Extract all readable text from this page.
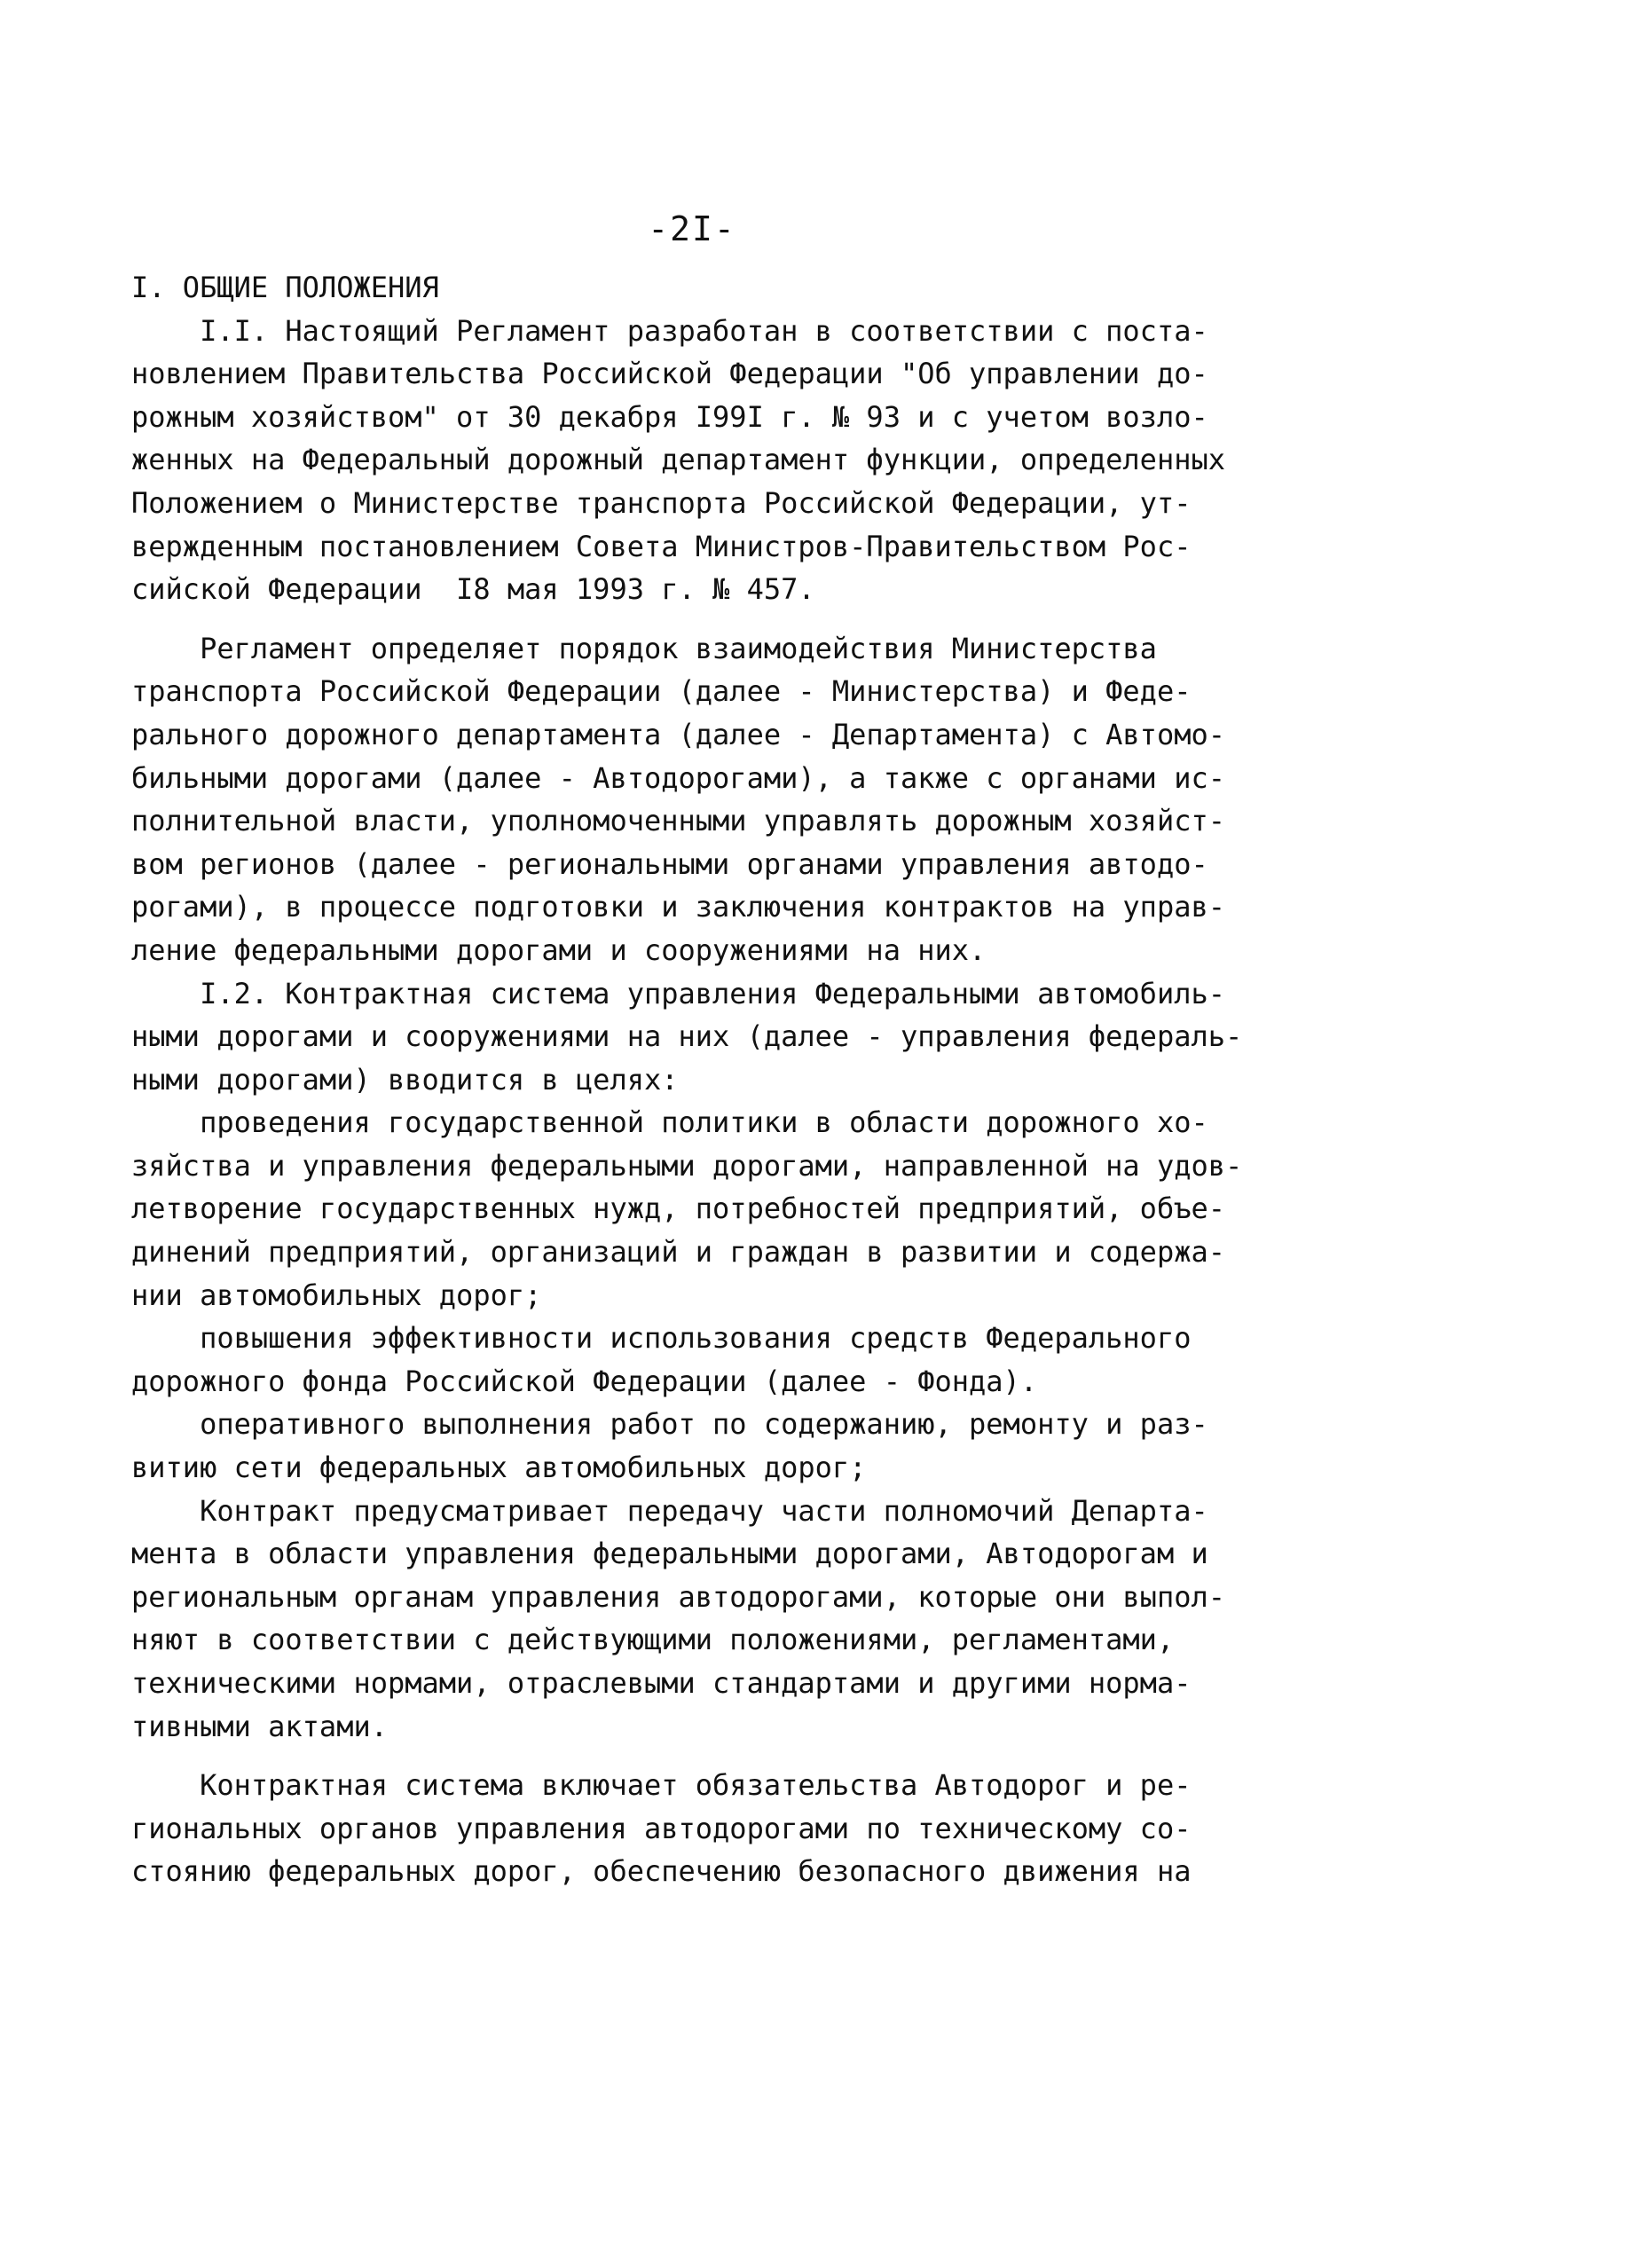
-2I-
I. ОБЩИЕ ПОЛОЖЕНИЯ
I.I. Настоящий Регламент разработан в соответствии с поста-
новлением Правительства Российской Федерации "Об управлении до-
рожным хозяйством" от 30 декабря I99I г. № 93 и с учетом возло-
женных на Федеральный дорожный департамент функции, определенных
Положением о Министерстве транспорта Российской Федерации, ут-
вержденным постановлением Совета Министров-Правительством Рос-
сийской Федерации  I8 мая 1993 г. № 457.
Регламент определяет порядок взаимодействия Министерства
транспорта Российской Федерации (далее - Министерства) и Феде-
рального дорожного департамента (далее - Департамента) с Автомо-
бильными дорогами (далее - Автодорогами), а также с органами ис-
полнительной власти, уполномоченными управлять дорожным хозяйст-
вом регионов (далее - региональными органами управления автодо-
рогами), в процессе подготовки и заключения контрактов на управ-
ление федеральными дорогами и сооружениями на них.
I.2. Контрактная система управления Федеральными автомобиль-
ными дорогами и сооружениями на них (далее - управления федераль-
ными дорогами) вводится в целях:
проведения государственной политики в области дорожного хо-
зяйства и управления федеральными дорогами, направленной на удов-
летворение государственных нужд, потребностей предприятий, объе-
динений предприятий, организаций и граждан в развитии и содержа-
нии автомобильных дорог;
повышения эффективности использования средств Федерального
дорожного фонда Российской Федерации (далее - Фонда).
оперативного выполнения работ по содержанию, ремонту и раз-
витию сети федеральных автомобильных дорог;
Контракт предусматривает передачу части полномочий Департа-
мента в области управления федеральными дорогами, Автодорогам и
региональным органам управления автодорогами, которые они выпол-
няют в соответствии с действующими положениями, регламентами,
техническими нормами, отраслевыми стандартами и другими норма-
тивными актами.
Контрактная система включает обязательства Автодорог и ре-
гиональных органов управления автодорогами по техническому со-
стоянию федеральных дорог, обеспечению безопасного движения на
